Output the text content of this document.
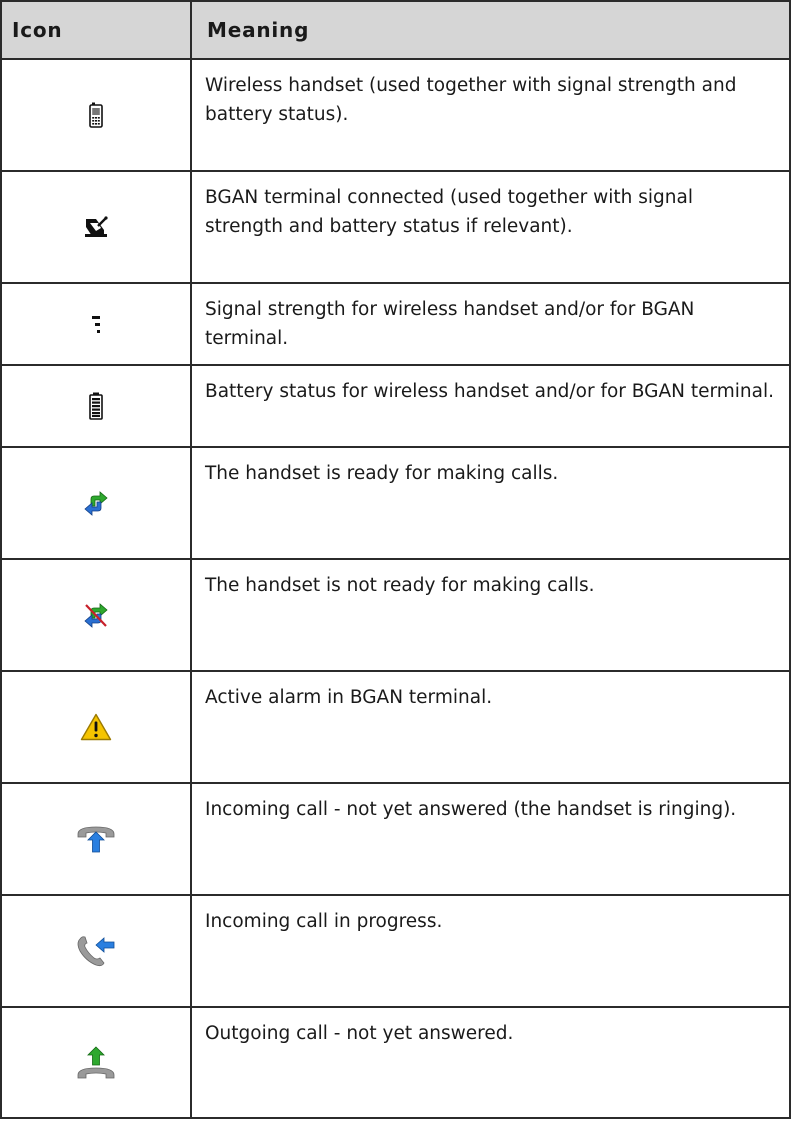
Icon	Meaning
	Wireless handset (used together with signal strength and battery status).
	BGAN terminal connected (used together with signal strength and battery status if relevant).
	Signal strength for wireless handset and/or for BGAN terminal.
	Battery status for wireless handset and/or for BGAN terminal.
	The handset is ready for making calls.
	The handset is not ready for making calls.
	Active alarm in BGAN terminal.
	Incoming call - not yet answered (the handset is ringing).
	Incoming call in progress.
	Outgoing call - not yet answered.
